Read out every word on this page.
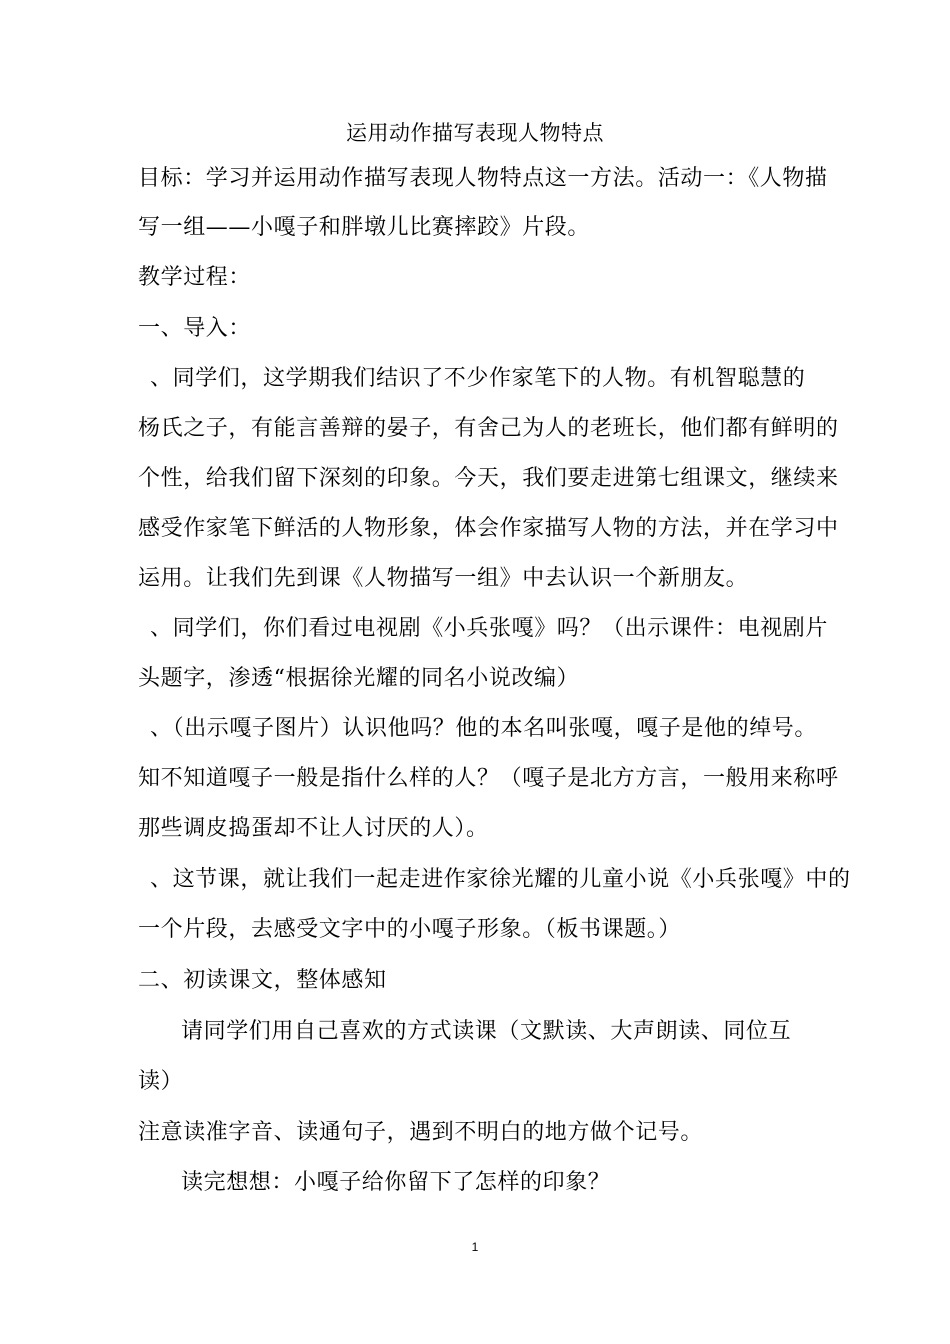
运用动作描写表现人物特点
目标：学习并运用动作描写表现人物特点这一方法。活动一：《人物描
写一组——小嘎子和胖墩儿比赛摔跤》片段。
教学过程：
一、导入：
、同学们，这学期我们结识了不少作家笔下的人物。有机智聪慧的
杨氏之子，有能言善辩的晏子，有舍己为人的老班长，他们都有鲜明的
个性，给我们留下深刻的印象。今天，我们要走进第七组课文，继续来
感受作家笔下鲜活的人物形象，体会作家描写人物的方法，并在学习中
运用。让我们先到课《人物描写一组》中去认识一个新朋友。
、同学们，你们看过电视剧《小兵张嘎》吗？（出示课件：电视剧片
头题字，渗透“根据徐光耀的同名小说改编）
、（出示嘎子图片）认识他吗？他的本名叫张嘎，嘎子是他的绰号。
知不知道嘎子一般是指什么样的人？（嘎子是北方方言，一般用来称呼
那些调皮捣蛋却不让人讨厌的人）。
、这节课，就让我们一起走进作家徐光耀的儿童小说《小兵张嘎》中的
一个片段，去感受文字中的小嘎子形象。（板书课题。）
二、初读课文，整体感知
请同学们用自己喜欢的方式读课（文默读、大声朗读、同位互
读）
注意读准字音、读通句子，遇到不明白的地方做个记号。
读完想想：小嘎子给你留下了怎样的印象？
1
